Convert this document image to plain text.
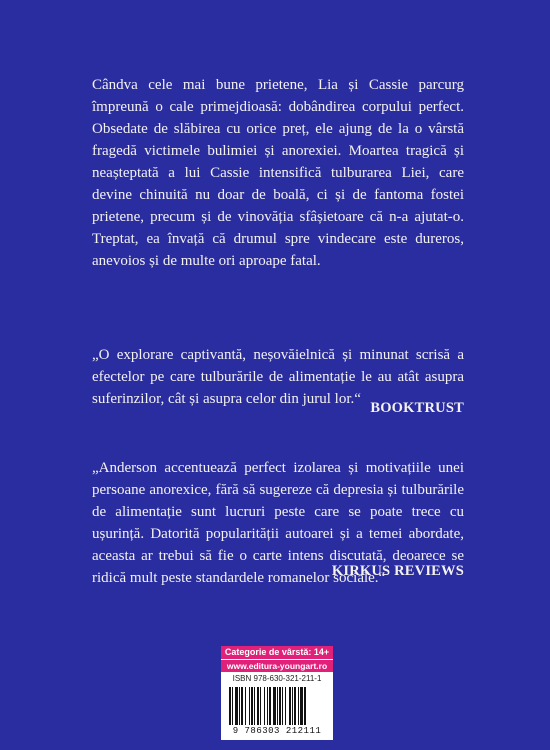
Cândva cele mai bune prietene, Lia și Cassie parcurg împreună o cale primejdioasă: dobândirea corpului perfect. Obsedate de slăbirea cu orice preț, ele ajung de la o vârstă fragedă victimele bulimiei și anorexiei. Moartea tragică și neașteptată a lui Cassie intensifică tulburarea Liei, care devine chinuită nu doar de boală, ci și de fantoma fostei prietene, precum și de vinovăția sfâșietoare că n-a ajutat-o. Treptat, ea învață că drumul spre vindecare este dureros, anevoios și de multe ori aproape fatal.

„O explorare captivantă, neșovăielnică și minunat scrisă a efectelor pe care tulburările de alimentație le au atât asupra suferinzilor, cât și asupra celor din jurul lor.“

BOOKTRUST

„Anderson accentuează perfect izolarea și motivațiile unei persoane anorexice, fără să sugereze că depresia și tulburările de alimentație sunt lucruri peste care se poate trece cu ușurință. Datorită popularității autoarei și a temei abordate, aceasta ar trebui să fie o carte intens discutată, deoarece se ridică mult peste standardele romanelor sociale.“

KIRKUS REVIEWS
Categorie de vârstă: 14+
www.editura-youngart.ro
ISBN 978-630-321-211-1
9 786303 212111
